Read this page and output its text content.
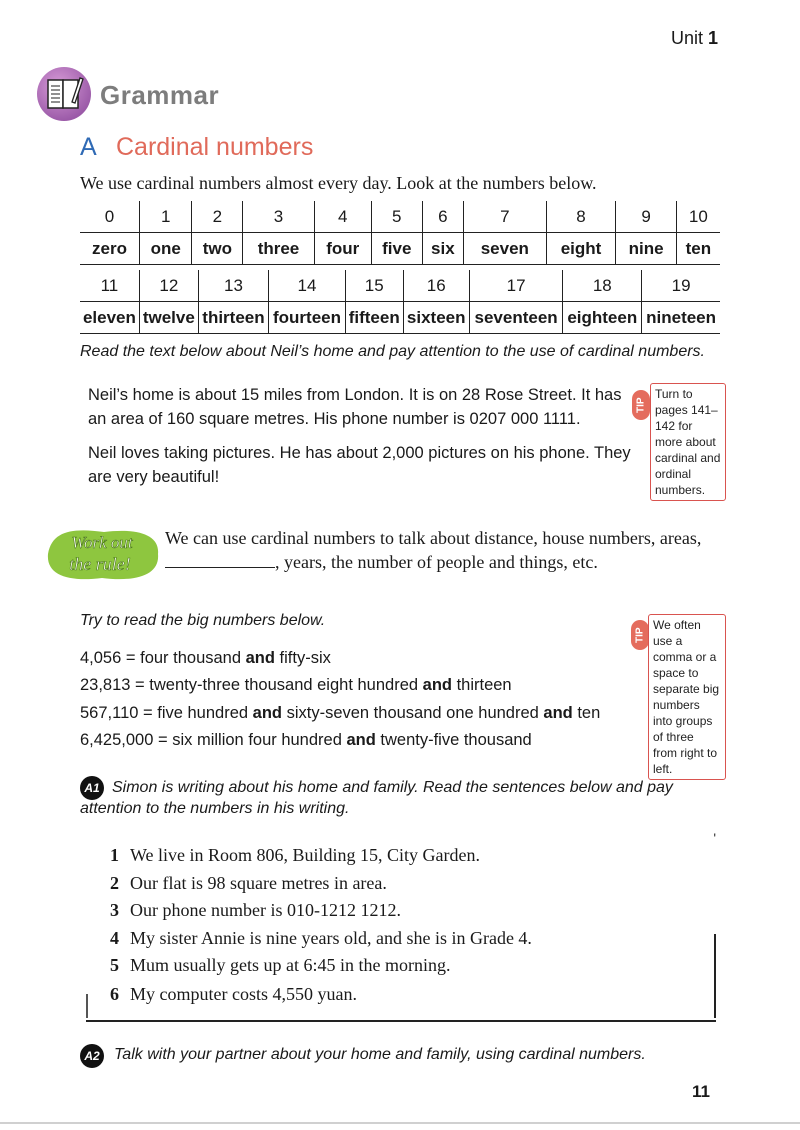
Unit 1
Grammar
A Cardinal numbers
We use cardinal numbers almost every day. Look at the numbers below.
0	1	2	3	4	5	6	7	8	9	10
zero	one	two	three	four	five	six	seven	eight	nine	ten
11	12	13	14	15	16	17	18	19
eleven	twelve	thirteen	fourteen	fifteen	sixteen	seventeen	eighteen	nineteen
Read the text below about Neil’s home and pay attention to the use of cardinal numbers.
Neil’s home is about 15 miles from London. It is on 28 Rose Street. It has an area of 160 square metres. His phone number is 0207 000 1111.
Neil loves taking pictures. He has about 2,000 pictures on his phone. They are very beautiful!
TIP
Turn to pages 141–142 for more about cardinal and ordinal numbers.
Work out
the rule!
We can use cardinal numbers to talk about distance, house numbers, areas, , years, the number of people and things, etc.
Try to read the big numbers below.
4,056 = four thousand and fifty-six
23,813 = twenty-three thousand eight hundred and thirteen
567,110 = five hundred and sixty-seven thousand one hundred and ten
6,425,000 = six million four hundred and twenty-five thousand
TIP
We often use a comma or a space to separate big numbers into groups of three from right to left.
A1 Simon is writing about his home and family. Read the sentences below and pay
attention to the numbers in his writing.
'
1 We live in Room 806, Building 15, City Garden.
2 Our flat is 98 square metres in area.
3 Our phone number is 010-1212 1212.
4 My sister Annie is nine years old, and she is in Grade 4.
5 Mum usually gets up at 6:45 in the morning.
6 My computer costs 4,550 yuan.
A2 Talk with your partner about your home and family, using cardinal numbers.
11
